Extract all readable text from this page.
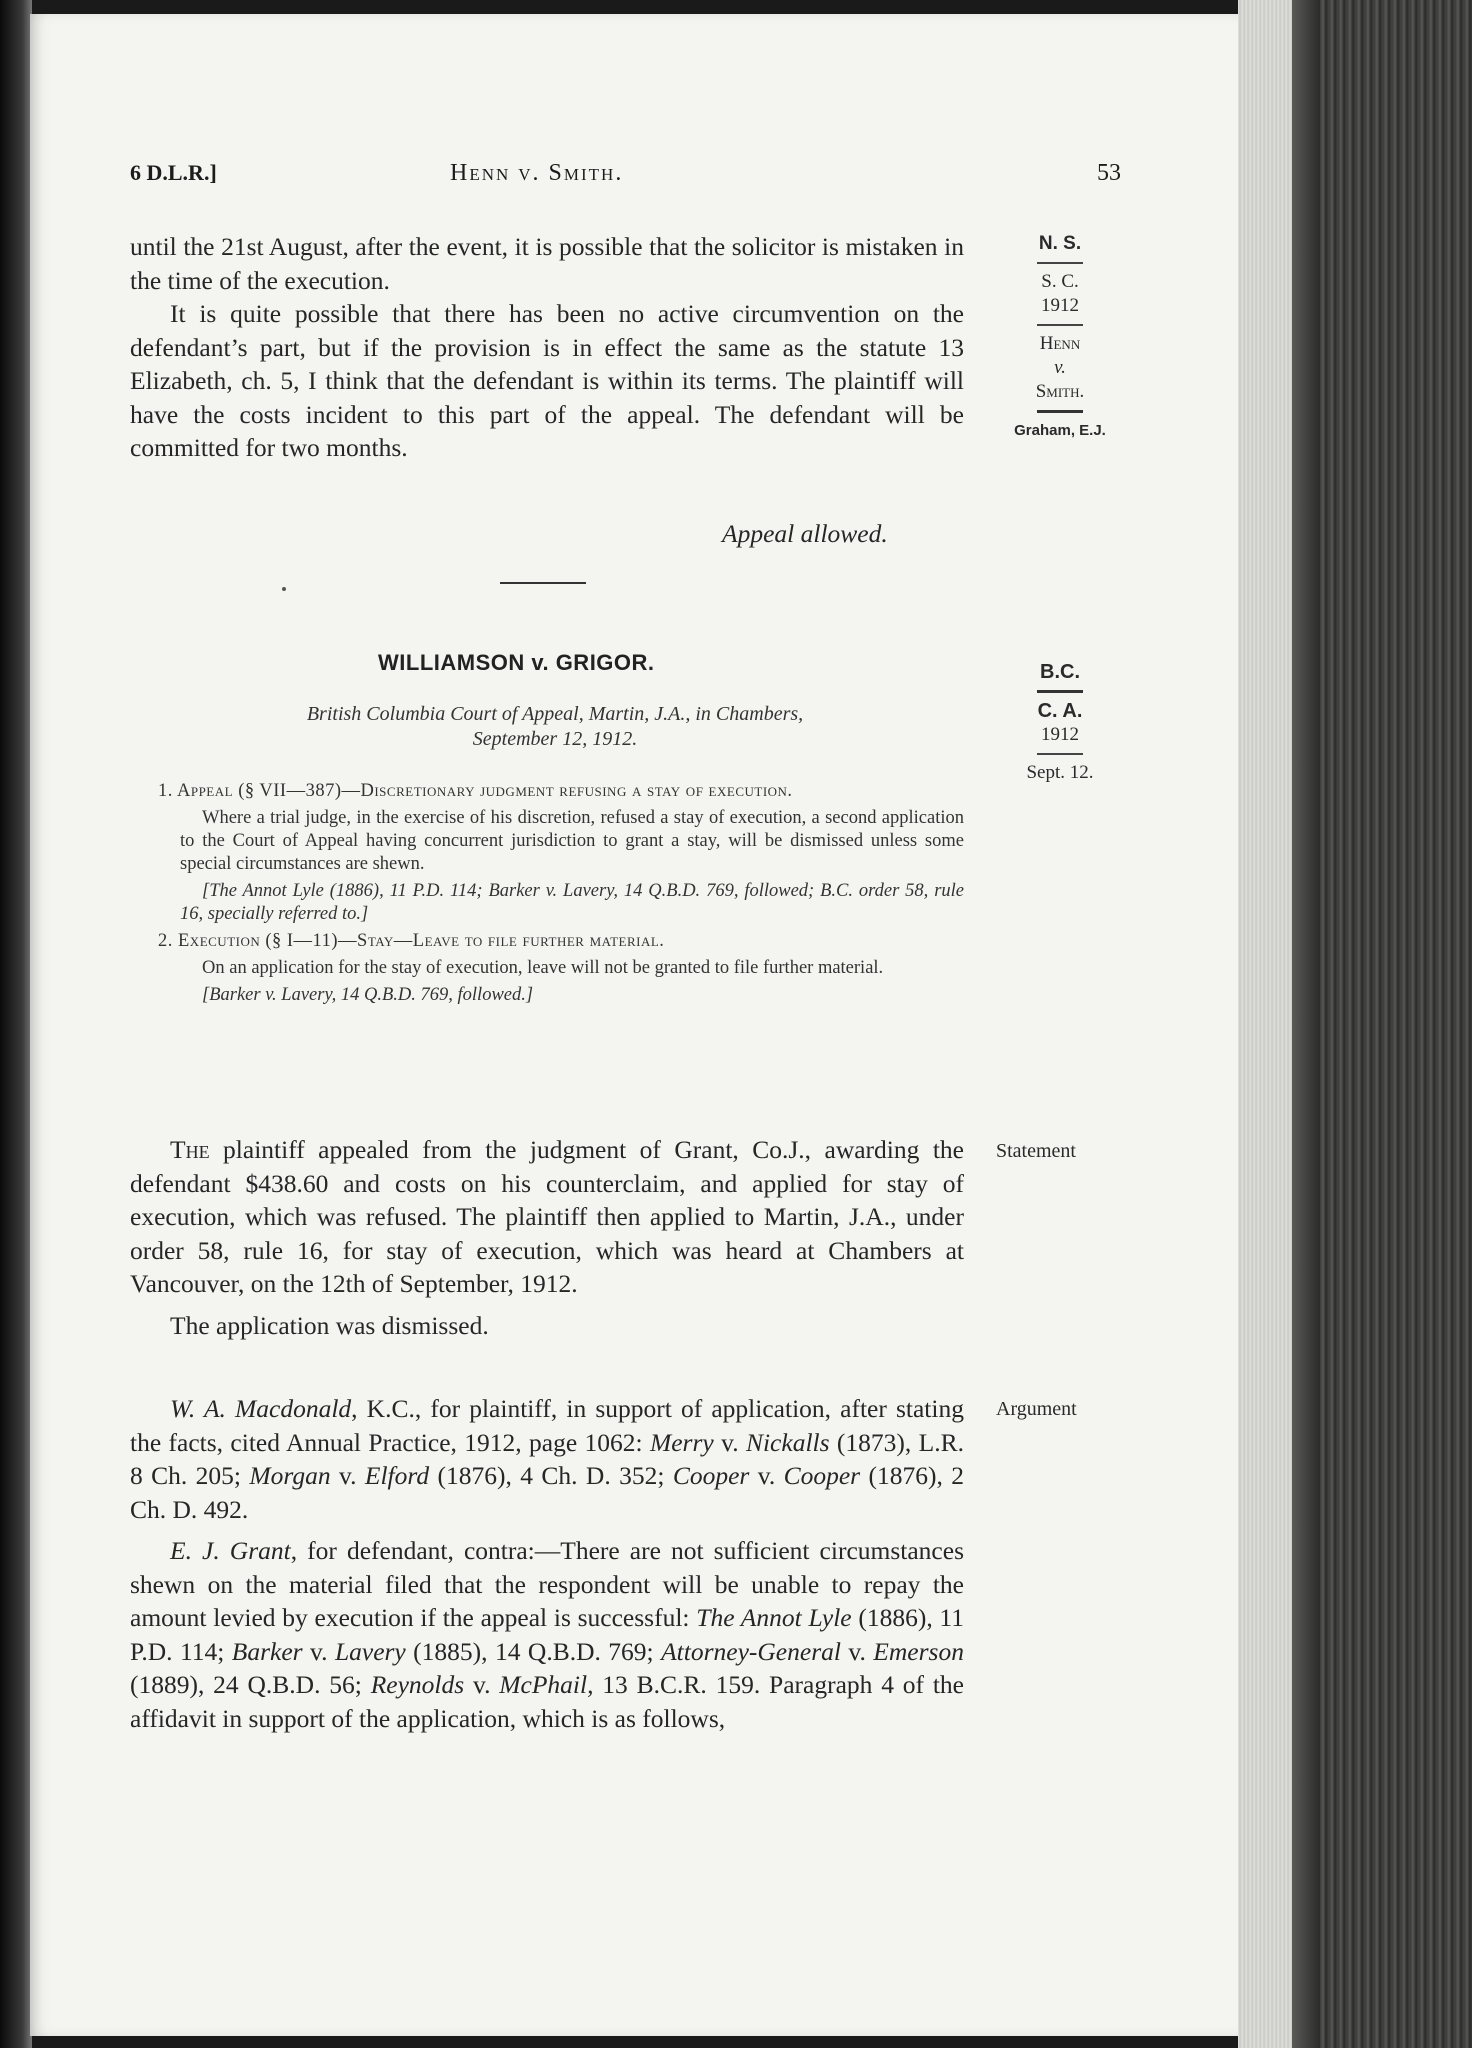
6 D.L.R.]	Henn v. Smith.	53

until the 21st August, after the event, it is possible that the solicitor is mistaken in the time of the execution.

It is quite possible that there has been no active circumvention on the defendant’s part, but if the provision is in effect the same as the statute 13 Elizabeth, ch. 5, I think that the defendant is within its terms. The plaintiff will have the costs incident to this part of the appeal. The defendant will be committed for two months.

Appeal allowed.
N. S.
S. C.
1912
Henn
v.
Smith.
Graham, E.J.
WILLIAMSON v. GRIGOR.
British Columbia Court of Appeal, Martin, J.A., in Chambers,
September 12, 1912.
B.C.
C. A.
1912
Sept. 12.
1. Appeal (§ VII—387)—Discretionary judgment refusing a stay of execution.
Where a trial judge, in the exercise of his discretion, refused a stay of execution, a second application to the Court of Appeal having concurrent jurisdiction to grant a stay, will be dismissed unless some special circumstances are shewn.
[The Annot Lyle (1886), 11 P.D. 114; Barker v. Lavery, 14 Q.B.D. 769, followed; B.C. order 58, rule 16, specially referred to.]
2. Execution (§ I—11)—Stay—Leave to file further material.
On an application for the stay of execution, leave will not be granted to file further material.
[Barker v. Lavery, 14 Q.B.D. 769, followed.]
Statement

The plaintiff appealed from the judgment of Grant, Co.J., awarding the defendant $438.60 and costs on his counterclaim, and applied for stay of execution, which was refused. The plaintiff then applied to Martin, J.A., under order 58, rule 16, for stay of execution, which was heard at Chambers at Vancouver, on the 12th of September, 1912.

The application was dismissed.

Argument

W. A. Macdonald, K.C., for plaintiff, in support of application, after stating the facts, cited Annual Practice, 1912, page 1062: Merry v. Nickalls (1873), L.R. 8 Ch. 205; Morgan v. Elford (1876), 4 Ch. D. 352; Cooper v. Cooper (1876), 2 Ch. D. 492.

E. J. Grant, for defendant, contra:—There are not sufficient circumstances shewn on the material filed that the respondent will be unable to repay the amount levied by execution if the appeal is successful: The Annot Lyle (1886), 11 P.D. 114; Barker v. Lavery (1885), 14 Q.B.D. 769; Attorney-General v. Emerson (1889), 24 Q.B.D. 56; Reynolds v. McPhail, 13 B.C.R. 159. Paragraph 4 of the affidavit in support of the application, which is as follows,
